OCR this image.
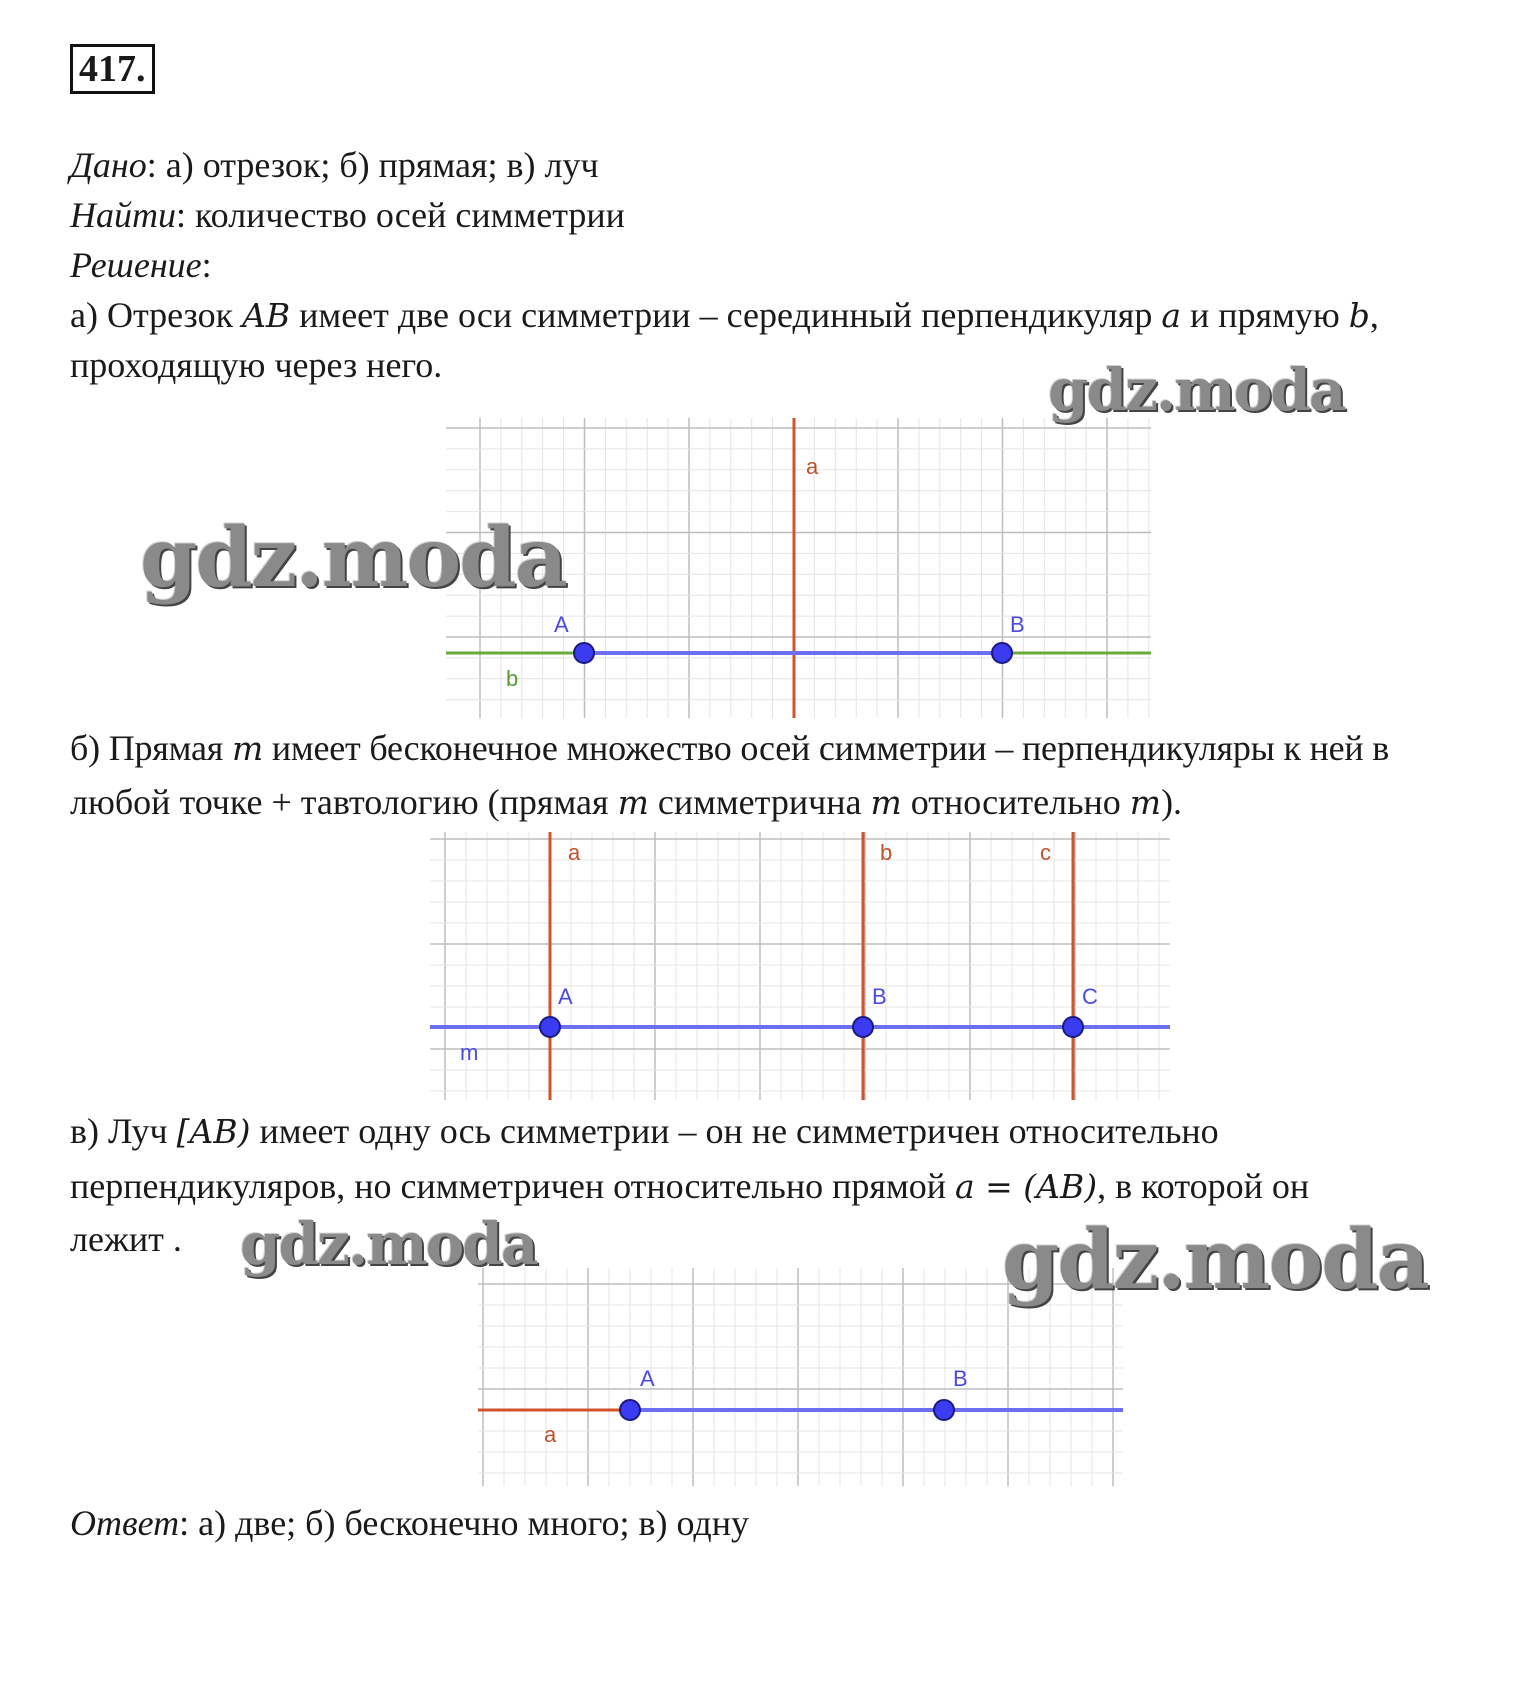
417.
Дано: а) отрезок; б) прямая; в) луч
Найти: количество осей симметрии
Решение:
а) Отрезок AB имеет две оси симметрии – серединный перпендикуляр a и прямую b,
проходящую через него.
a
b
A	B
б) Прямая m имеет бесконечное множество осей симметрии – перпендикуляры к ней в
любой точке + тавтологию (прямая m симметрична m относительно m).
a	b	c
m
A	B	C
в) Луч [AB) имеет одну ось симметрии – он не симметричен относительно
перпендикуляров, но симметричен относительно прямой a = (AB), в которой он
лежит .
a
A	B
Ответ: а) две; б) бесконечно много; в) одну
gdz.moda
gdz.moda
gdz.moda	gdz.moda
